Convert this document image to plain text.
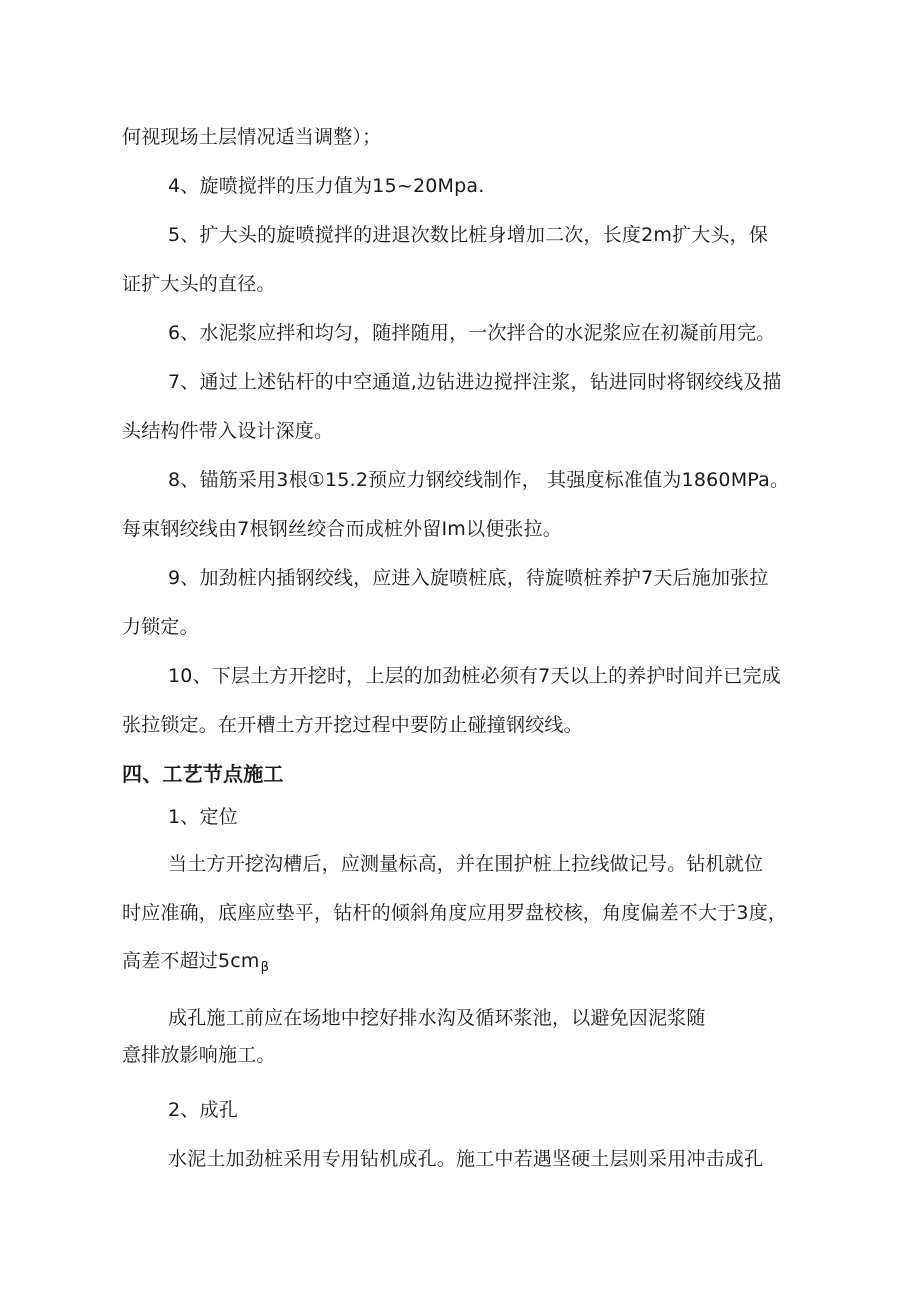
何视现场土层情况适当调整）；
4、旋喷搅拌的压力值为15~20Mpa.
5、扩大头的旋喷搅拌的进退次数比桩身增加二次，长度2m扩大头，保
证扩大头的直径。
6、水泥浆应拌和均匀，随拌随用，一次拌合的水泥浆应在初凝前用完。
7、通过上述钻杆的中空通道,边钻进边搅拌注浆，钻进同时将钢绞线及描
头结构件带入设计深度。
8、锚筋采用3根①15.2预应力钢绞线制作， 其强度标准值为1860MPa。
每束钢绞线由7根钢丝绞合而成桩外留Im以便张拉。
9、加劲桩内插钢绞线，应进入旋喷桩底，待旋喷桩养护7天后施加张拉
力锁定。
10、下层土方开挖时，上层的加劲桩必须有7天以上的养护时间并已完成
张拉锁定。在开槽土方开挖过程中要防止碰撞钢绞线。
四、工艺节点施工
1、定位
当土方开挖沟槽后，应测量标高，并在围护桩上拉线做记号。钻机就位
时应准确，底座应垫平，钻杆的倾斜角度应用罗盘校核，角度偏差不大于3度，
高差不超过$5cm_\beta$
成孔施工前应在场地中挖好排水沟及循环浆池，以避免因泥浆随
意排放影响施工。
2、成孔
水泥土加劲桩采用专用钻机成孔。施工中若遇坚硬土层则采用冲击成孔
